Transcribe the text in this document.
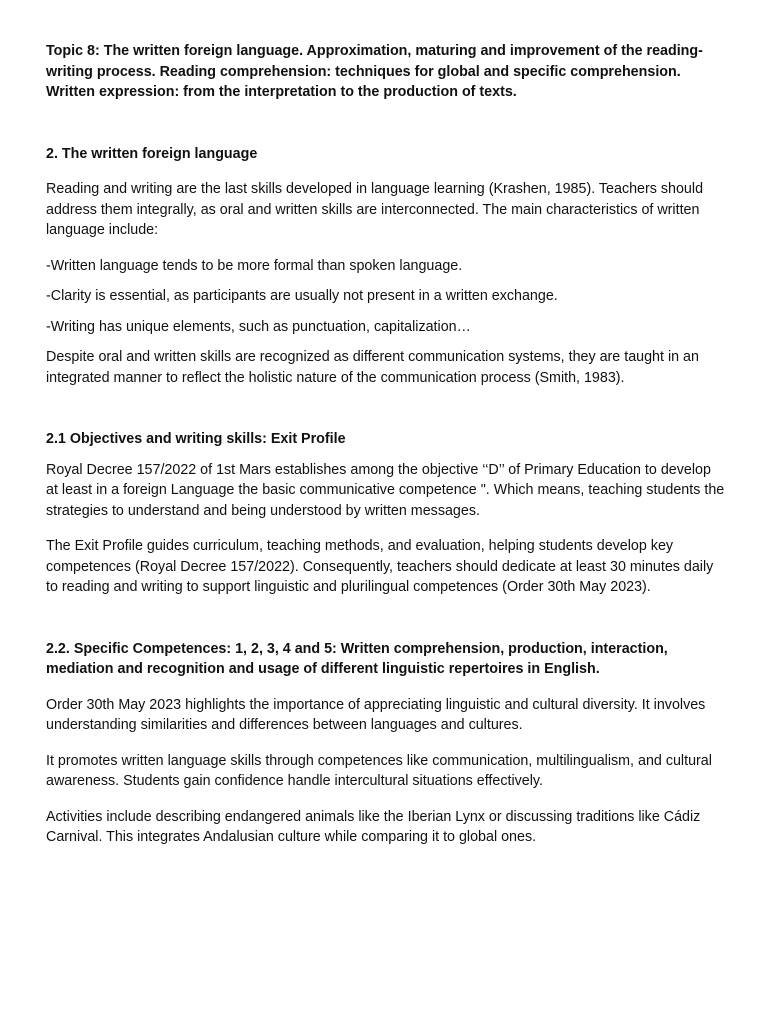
Topic 8: The written foreign language. Approximation, maturing and improvement of the reading-writing process. Reading comprehension: techniques for global and specific comprehension. Written expression: from the interpretation to the production of texts.

2. The written foreign language

Reading and writing are the last skills developed in language learning (Krashen, 1985). Teachers should address them integrally, as oral and written skills are interconnected. The main characteristics of written language include:

-Written language tends to be more formal than spoken language.

-Clarity is essential, as participants are usually not present in a written exchange.

-Writing has unique elements, such as punctuation, capitalization…

Despite oral and written skills are recognized as different communication systems, they are taught in an integrated manner to reflect the holistic nature of the communication process (Smith, 1983).

2.1 Objectives and writing skills: Exit Profile

Royal Decree 157/2022 of 1st Mars establishes among the objective ‘‘D’’ of Primary Education to develop at least in a foreign Language the basic communicative competence ". Which means, teaching students the strategies to understand and being understood by written messages.

The Exit Profile guides curriculum, teaching methods, and evaluation, helping students develop key competences (Royal Decree 157/2022). Consequently, teachers should dedicate at least 30 minutes daily to reading and writing to support linguistic and plurilingual competences (Order 30th May 2023).

2.2. Specific Competences: 1, 2, 3, 4 and 5: Written comprehension, production, interaction, mediation and recognition and usage of different linguistic repertoires in English.

Order 30th May 2023 highlights the importance of appreciating linguistic and cultural diversity. It involves understanding similarities and differences between languages and cultures.

It promotes written language skills through competences like communication, multilingualism, and cultural awareness. Students gain confidence handle intercultural situations effectively.

Activities include describing endangered animals like the Iberian Lynx or discussing traditions like Cádiz Carnival. This integrates Andalusian culture while comparing it to global ones.
